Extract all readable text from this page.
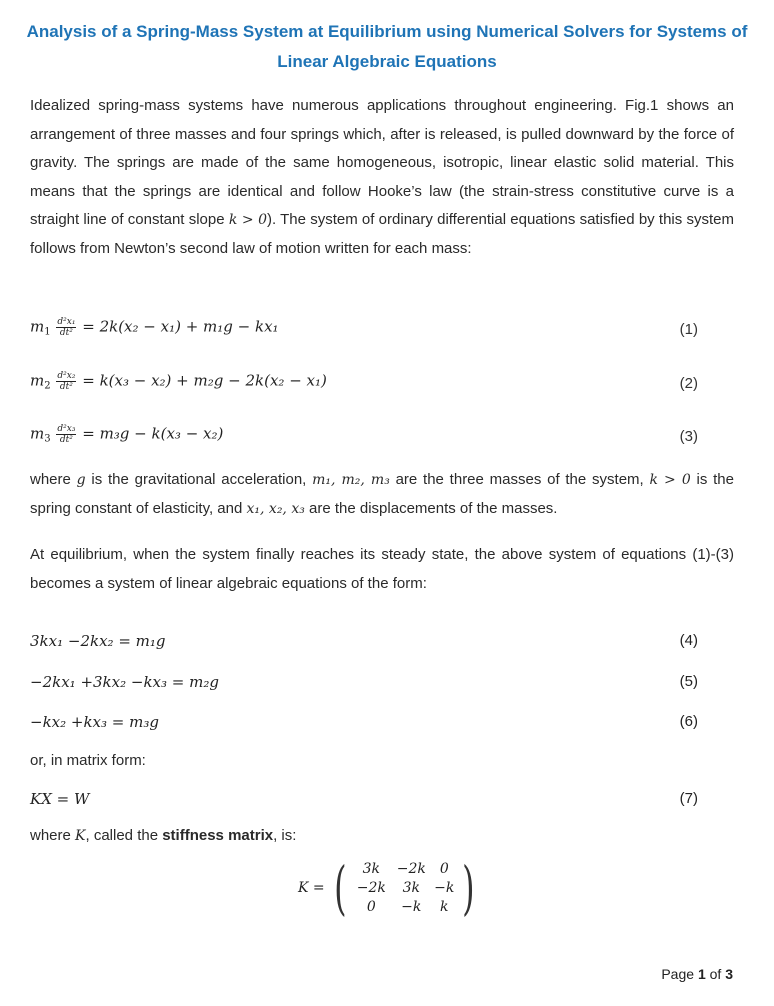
Analysis of a Spring-Mass System at Equilibrium using Numerical Solvers for Systems of Linear Algebraic Equations
Idealized spring-mass systems have numerous applications throughout engineering. Fig.1 shows an arrangement of three masses and four springs which, after is released, is pulled downward by the force of gravity. The springs are made of the same homogeneous, isotropic, linear elastic solid material. This means that the springs are identical and follow Hooke’s law (the strain-stress constitutive curve is a straight line of constant slope k > 0). The system of ordinary differential equations satisfied by this system follows from Newton’s second law of motion written for each mass:
$m_1 \frac{\text{d²x₁}}{\text{dt²}} = 2k(x_2 - x_1) + m_1g - kx_1$	(1)
$m_2 \frac{\text{d²x₂}}{\text{dt²}} = k(x_3 - x_2) + m_2g - 2k(x_2 - x_1)$	(2)
$m_3 \frac{\text{d²x₃}}{\text{dt²}} = m_3g - k(x_3 - x_2)$	(3)
where g is the gravitational acceleration, m₁, m₂, m₃ are the three masses of the system, k > 0 is the spring constant of elasticity, and x₁, x₂, x₃ are the displacements of the masses.
At equilibrium, when the system finally reaches its steady state, the above system of equations (1)-(3) becomes a system of linear algebraic equations of the form:
3kx₁ −2kx₂ = m₁g	(4)
−2kx₁ +3kx₂ −kx₃ = m₂g	(5)
−kx₂ +kx₃ = m₃g	(6)
or, in matrix form:
KX = W	(7)
where K, called the stiffness matrix, is:
K = (	3k	−2k 0
−2k	3k	−k
0	−k	k )
Page 1 of 3
